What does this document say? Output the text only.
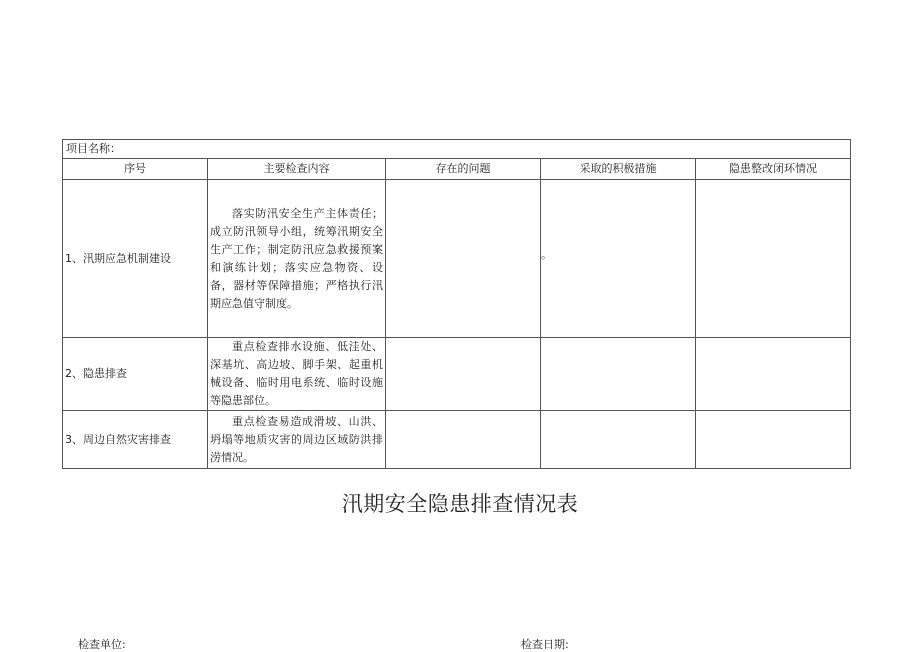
项目名称：				
序号	主要检查内容	存在的问题	采取的积极措施	隐患整改闭环情况
1、汛期应急机制建设	落实防汛安全生产主体责任；成立防汛领导小组，统筹汛期安全生产工作；制定防汛应急救援预案和演练计划；落实应急物资、设备，器材等保障措施；严格执行汛期应急值守制度。		。	

2、隐患排查	重点检查排水设施、低洼处、深基坑、高边坡、脚手架、起重机械设备、临时用电系统、临时设施等隐患部位。			

3、周边自然灾害排查	重点检查易造成滑坡、山洪、坍塌等地质灾害的周边区域防洪排涝情况。			

汛期安全隐患排查情况表
检查单位:	检查日期:
